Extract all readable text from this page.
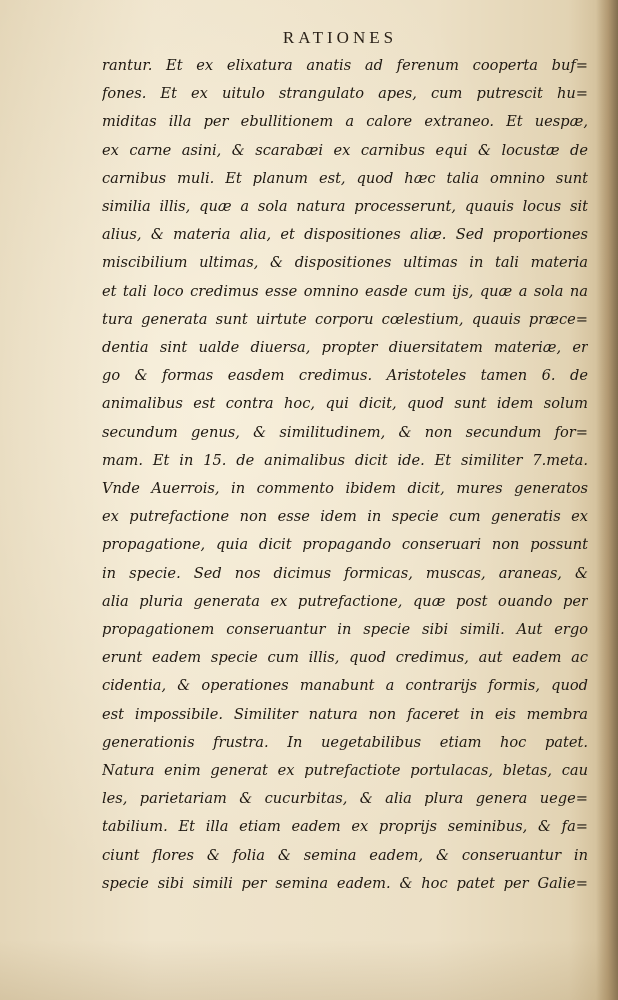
RATIONES
rantur. Et ex elixatura anatis ad ferenum cooperta buf=
fones. Et ex uitulo strangulato apes, cum putrescit hu=
miditas illa per ebullitionem a calore extraneo. Et uespæ,
ex carne asini, & scarabæi ex carnibus equi & locustæ de
carnibus muli. Et planum est, quod hæc talia omnino sunt
similia illis, quæ a sola natura processerunt, quauis locus sit
alius, & materia alia, et dispositiones aliæ. Sed proportiones
miscibilium ultimas, & dispositiones ultimas in tali materia
et tali loco credimus esse omnino easde cum ijs, quæ a sola na
tura generata sunt uirtute corporu cœlestium, quauis præce=
dentia sint ualde diuersa, propter diuersitatem materiæ, er
go & formas easdem credimus. Aristoteles tamen 6. de
animalibus est contra hoc, qui dicit, quod sunt idem solum
secundum genus, & similitudinem, & non secundum for=
mam. Et in 15. de animalibus dicit ide. Et similiter 7.meta.
Vnde Auerrois, in commento ibidem dicit, mures generatos
ex putrefactione non esse idem in specie cum generatis ex
propagatione, quia dicit propagando conseruari non possunt
in specie. Sed nos dicimus formicas, muscas, araneas, &
alia pluria generata ex putrefactione, quæ post ouando per
propagationem conseruantur in specie sibi simili. Aut ergo
erunt eadem specie cum illis, quod credimus, aut eadem ac
cidentia, & operationes manabunt a contrarijs formis, quod
est impossibile. Similiter natura non faceret in eis membra
generationis frustra. In uegetabilibus etiam hoc patet.
Natura enim generat ex putrefactiote portulacas, bletas, cau
les, parietariam & cucurbitas, & alia plura genera uege=
tabilium. Et illa etiam eadem ex proprijs seminibus, & fa=
ciunt flores & folia & semina eadem, & conseruantur in
specie sibi simili per semina eadem. & hoc patet per Galie=
